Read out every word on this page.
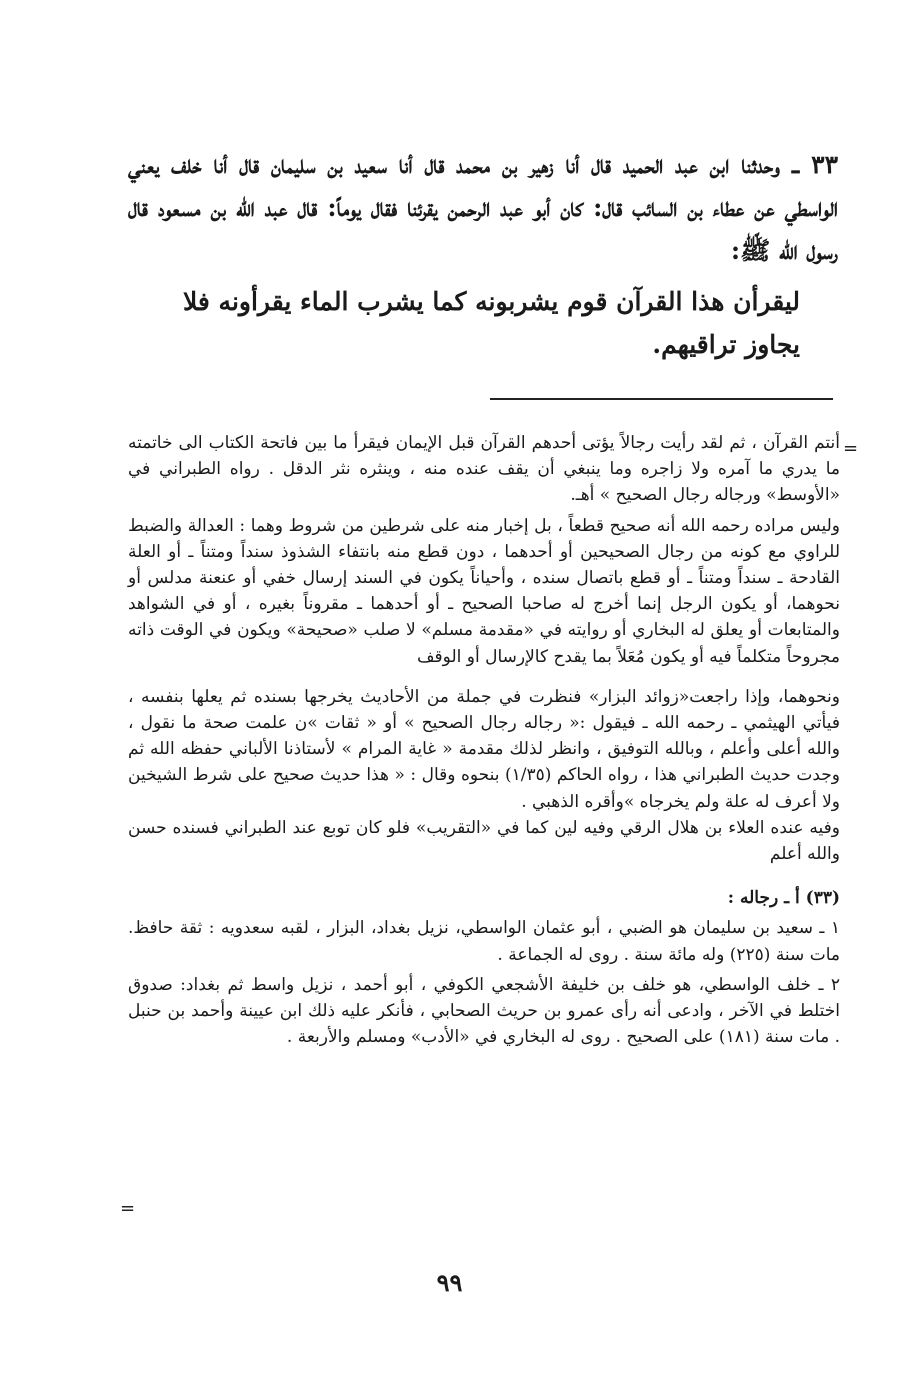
٣٣ ـ وحدثنا ابن عبد الحميد قال أنا زهير بن محمد قال أنا سعيد بن سليمان قال أنا خلف يعني الواسطي عن عطاء بن السائب قال: كان أبو عبد الرحمن يقرئنا فقال يوماً: قال عبد الله بن مسعود قال رسول الله ﷺ:

ليقرأن هذا القرآن قوم يشربونه كما يشرب الماء يقرأونه فلا يجاوز تراقيهم.

=

أنتم القرآن ، ثم لقد رأيت رجالاً يؤتى أحدهم القرآن قبل الإيمان فيقرأ ما بين فاتحة الكتاب الى خاتمته ما يدري ما آمره ولا زاجره وما ينبغي أن يقف عنده منه ، وينثره نثر الدقل . رواه الطبراني في «الأوسط» ورجاله رجال الصحيح » أهـ.

وليس مراده رحمه الله أنه صحيح قطعاً ، بل إخبار منه على شرطين من شروط وهما : العدالة والضبط للراوي مع كونه من رجال الصحيحين أو أحدهما ، دون قطع منه بانتفاء الشذوذ سنداً ومتناً ـ أو العلة القادحة ـ سنداً ومتناً ـ أو قطع باتصال سنده ، وأحياناً يكون في السند إرسال خفي أو عنعنة مدلس أو نحوهما، أو يكون الرجل إنما أخرج له صاحبا الصحيح ـ أو أحدهما ـ مقروناً بغيره ، أو في الشواهد والمتابعات أو يعلق له البخاري أو روايته في «مقدمة مسلم» لا صلب «صحيحة» ويكون في الوقت ذاته مجروحاً متكلماً فيه أو يكون مُعَلاً بما يقدح كالإرسال أو الوقف

ونحوهما، وإذا راجعت«زوائد البزار» فنظرت في جملة من الأحاديث يخرجها بسنده ثم يعلها بنفسه ، فيأتي الهيثمي ـ رحمه الله ـ فيقول :« رجاله رجال الصحيح » أو « ثقات »ن علمت صحة ما نقول ، والله أعلى وأعلم ، وبالله التوفيق ، وانظر لذلك مقدمة « غاية المرام » لأستاذنا الألباني حفظه الله ثم وجدت حديث الطبراني هذا ، رواه الحاكم (١/٣٥) بنحوه وقال : « هذا حديث صحيح على شرط الشيخين ولا أعرف له علة ولم يخرجاه »وأقره الذهبي .

وفيه عنده العلاء بن هلال الرقي وفيه لين كما في «التقريب» فلو كان توبع عند الطبراني فسنده حسن والله أعلم

(٣٣) أ ـ رجاله :

١ ـ سعيد بن سليمان هو الضبي ، أبو عثمان الواسطي، نزيل بغداد، البزار ، لقبه سعدويه : ثقة حافظ. مات سنة (٢٢٥) وله مائة سنة . روى له الجماعة .

٢ ـ خلف الواسطي، هو خلف بن خليفة الأشجعي الكوفي ، أبو أحمد ، نزيل واسط ثم بغداد: صدوق اختلط في الآخر ، وادعى أنه رأى عمرو بن حريث الصحابي ، فأنكر عليه ذلك ابن عيينة وأحمد بن حنبل . مات سنة (١٨١) على الصحيح . روى له البخاري في «الأدب» ومسلم والأربعة .

=
٩٩
